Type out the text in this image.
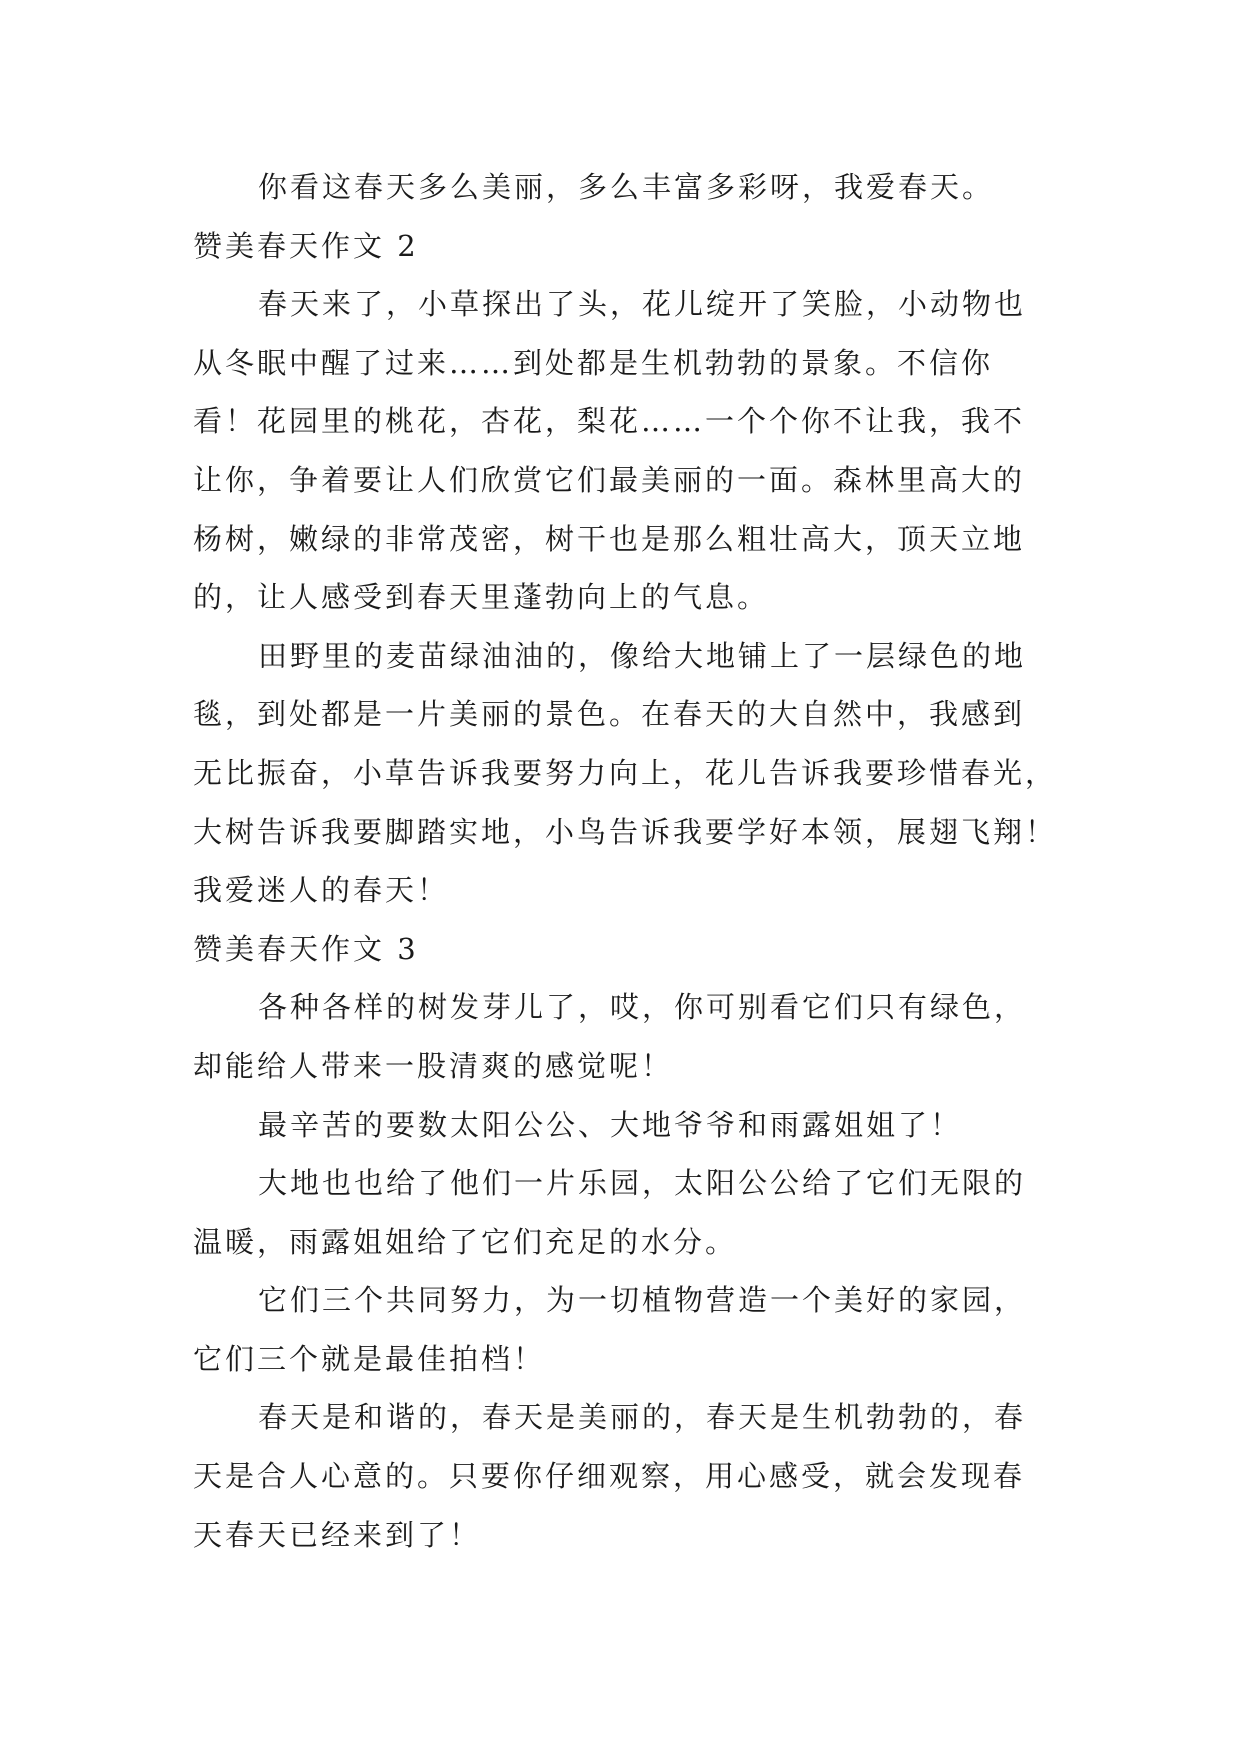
你看这春天多么美丽，多么丰富多彩呀，我爱春天。
赞美春天作文 2
春天来了，小草探出了头，花儿绽开了笑脸，小动物也
从冬眠中醒了过来……到处都是生机勃勃的景象。不信你
看！花园里的桃花，杏花，梨花……一个个你不让我，我不
让你，争着要让人们欣赏它们最美丽的一面。森林里高大的
杨树，嫩绿的非常茂密，树干也是那么粗壮高大，顶天立地
的，让人感受到春天里蓬勃向上的气息。
田野里的麦苗绿油油的，像给大地铺上了一层绿色的地
毯，到处都是一片美丽的景色。在春天的大自然中，我感到
无比振奋，小草告诉我要努力向上，花儿告诉我要珍惜春光，
大树告诉我要脚踏实地，小鸟告诉我要学好本领，展翅飞翔！
我爱迷人的春天！
赞美春天作文 3
各种各样的树发芽儿了，哎，你可别看它们只有绿色，
却能给人带来一股清爽的感觉呢！
最辛苦的要数太阳公公、大地爷爷和雨露姐姐了！
大地也也给了他们一片乐园，太阳公公给了它们无限的
温暖，雨露姐姐给了它们充足的水分。
它们三个共同努力，为一切植物营造一个美好的家园，
它们三个就是最佳拍档！
春天是和谐的，春天是美丽的，春天是生机勃勃的，春
天是合人心意的。只要你仔细观察，用心感受，就会发现春
天春天已经来到了！
